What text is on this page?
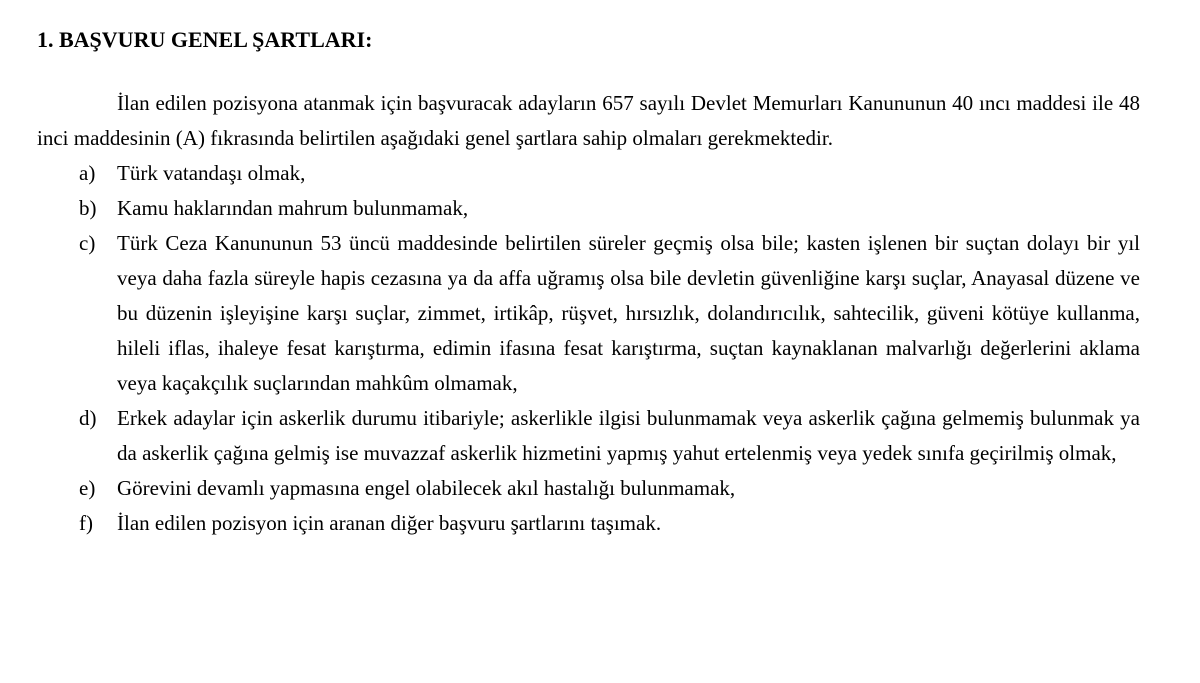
1. BAŞVURU GENEL ŞARTLARI:

İlan edilen pozisyona atanmak için başvuracak adayların 657 sayılı Devlet Memurları Kanununun 40 ıncı maddesi ile 48 inci maddesinin (A) fıkrasında belirtilen aşağıdaki genel şartlara sahip olmaları gerekmektedir.

a)	Türk vatandaşı olmak,
b) Kamu haklarından mahrum bulunmamak,
c)	Türk Ceza Kanununun 53 üncü maddesinde belirtilen süreler geçmiş olsa bile; kasten işlenen bir suçtan dolayı bir yıl veya daha fazla süreyle hapis cezasına ya da affa uğramış olsa bile devletin güvenliğine karşı suçlar, Anayasal düzene ve bu düzenin işleyişine karşı suçlar, zimmet, irtikâp, rüşvet, hırsızlık, dolandırıcılık, sahtecilik, güveni kötüye kullanma, hileli iflas, ihaleye fesat karıştırma, edimin ifasına fesat karıştırma, suçtan kaynaklanan malvarlığı değerlerini aklama veya kaçakçılık suçlarından mahkûm olmamak,
d) Erkek adaylar için askerlik durumu itibariyle; askerlikle ilgisi bulunmamak veya askerlik çağına gelmemiş bulunmak ya da askerlik çağına gelmiş ise muvazzaf askerlik hizmetini yapmış yahut ertelenmiş veya yedek sınıfa geçirilmiş olmak,
e)	Görevini devamlı yapmasına engel olabilecek akıl hastalığı bulunmamak,
f)	İlan edilen pozisyon için aranan diğer başvuru şartlarını taşımak.
